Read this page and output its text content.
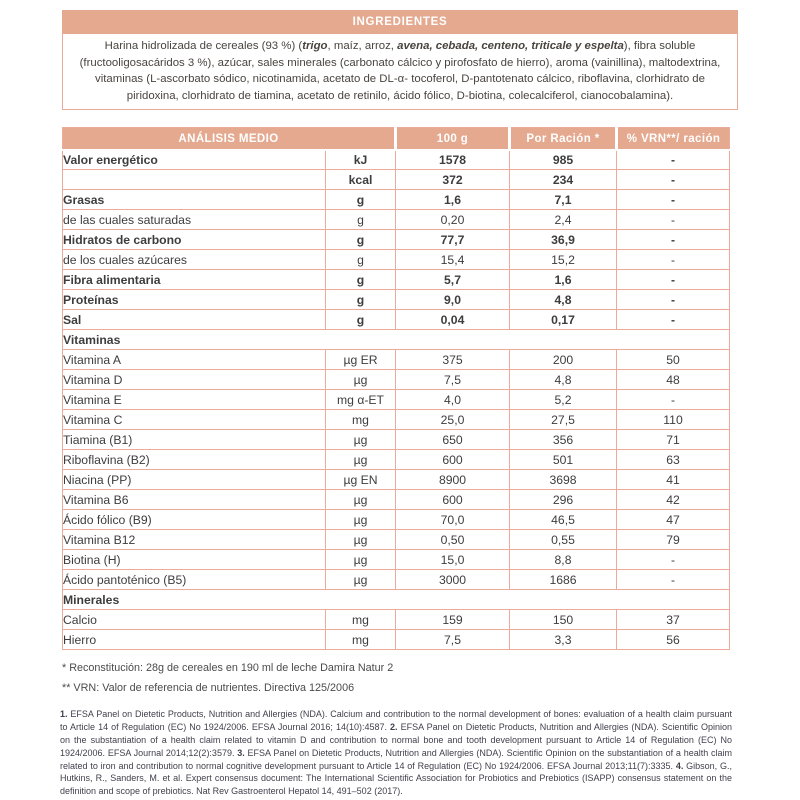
INGREDIENTES

Harina hidrolizada de cereales (93 %) (trigo, maíz, arroz, avena, cebada, centeno, triticale y espelta), fibra soluble (fructooligosacáridos 3 %), azúcar, sales minerales (carbonato cálcico y pirofosfato de hierro), aroma (vainillina), maltodextrina, vitaminas (L-ascorbato sódico, nicotinamida, acetato de DL-α- tocoferol, D-pantotenato cálcico, riboflavina, clorhidrato de piridoxina, clorhidrato de tiamina, acetato de retinilo, ácido fólico, D-biotina, colecalciferol, cianocobalamina).

ANÁLISIS MEDIO		100 g	Por Ración *	% VRN**/ ración
Valor energético	kJ	1578	985	-
	kcal	372	234	-
Grasas	g	1,6	7,1	-
de las cuales saturadas	g	0,20	2,4	-
Hidratos de carbono	g	77,7	36,9	-
de los cuales azúcares	g	15,4	15,2	-
Fibra alimentaria	g	5,7	1,6	-
Proteínas	g	9,0	4,8	-
Sal	g	0,04	0,17	-
Vitaminas				
Vitamina A	µg ER	375	200	50
Vitamina D	µg	7,5	4,8	48
Vitamina E	mg α-ET	4,0	5,2	-
Vitamina C	mg	25,0	27,5	110
Tiamina (B1)	µg	650	356	71
Riboflavina (B2)	µg	600	501	63
Niacina (PP)	µg EN	8900	3698	41
Vitamina B6	µg	600	296	42
Ácido fólico (B9)	µg	70,0	46,5	47
Vitamina B12	µg	0,50	0,55	79
Biotina (H)	µg	15,0	8,8	-
Ácido pantoténico (B5)	µg	3000	1686	-
Minerales				
Calcio	mg	159	150	37
Hierro	mg	7,5	3,3	56

* Reconstitución: 28g de cereales en 190 ml de leche Damira Natur 2

** VRN: Valor de referencia de nutrientes. Directiva 125/2006

1. EFSA Panel on Dietetic Products, Nutrition and Allergies (NDA). Calcium and contribution to the normal development of bones: evaluation of a health claim pursuant to Article 14 of Regulation (EC) No 1924/2006. EFSA Journal 2016; 14(10):4587. 2. EFSA Panel on Dietetic Products, Nutrition and Allergies (NDA). Scientific Opinion on the substantiation of a health claim related to vitamin D and contribution to normal bone and tooth development pursuant to Article 14 of Regulation (EC) No 1924/2006. EFSA Journal 2014;12(2):3579. 3. EFSA Panel on Dietetic Products, Nutrition and Allergies (NDA). Scientific Opinion on the substantiation of a health claim related to iron and contribution to normal cognitive development pursuant to Article 14 of Regulation (EC) No 1924/2006. EFSA Journal 2013;11(7):3335. 4. Gibson, G., Hutkins, R., Sanders, M. et al. Expert consensus document: The International Scientific Association for Probiotics and Prebiotics (ISAPP) consensus statement on the definition and scope of prebiotics. Nat Rev Gastroenterol Hepatol 14, 491–502 (2017).
